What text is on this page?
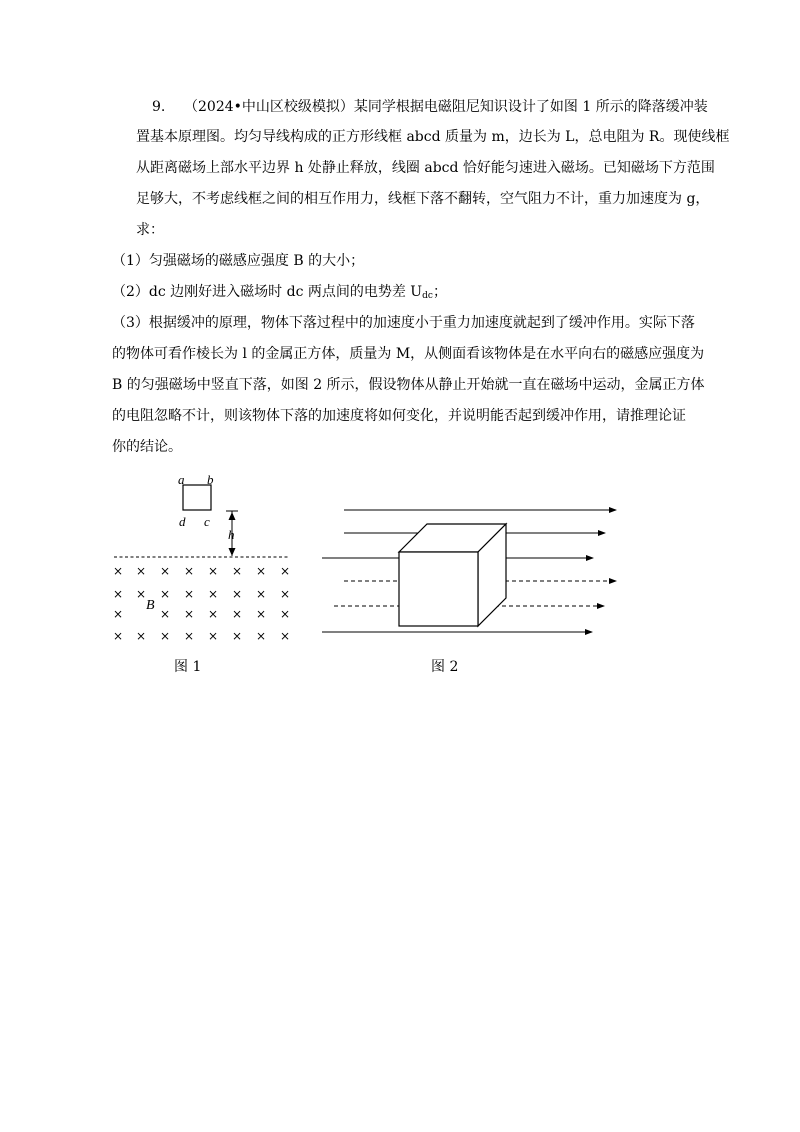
9. （2024•中山区校级模拟）某同学根据电磁阻尼知识设计了如图 1 所示的降落缓冲装
置基本原理图。均匀导线构成的正方形线框 abcd 质量为 m，边长为 L，总电阻为 R。现使线框
从距离磁场上部水平边界 h 处静止释放，线圈 abcd 恰好能匀速进入磁场。已知磁场下方范围
足够大，不考虑线框之间的相互作用力，线框下落不翻转，空气阻力不计，重力加速度为 g，
求：
（1）匀强磁场的磁感应强度 B 的大小；
（2）dc 边刚好进入磁场时 dc 两点间的电势差 $U_{dc}$；
（3）根据缓冲的原理，物体下落过程中的加速度小于重力加速度就起到了缓冲作用。实际下落
的物体可看作棱长为 l 的金属正方体，质量为 M，从侧面看该物体是在水平向右的磁感应强度为
B 的匀强磁场中竖直下落，如图 2 所示，假设物体从静止开始就一直在磁场中运动，金属正方体
的电阻忽略不计，则该物体下落的加速度将如何变化，并说明能否起到缓冲作用，请推理论证
你的结论。
a b
d c
h
B
× × × × × × × ×
× × × × × × × ×
×	× × × × × ×
× × × × × × × ×
图 1	图 2
